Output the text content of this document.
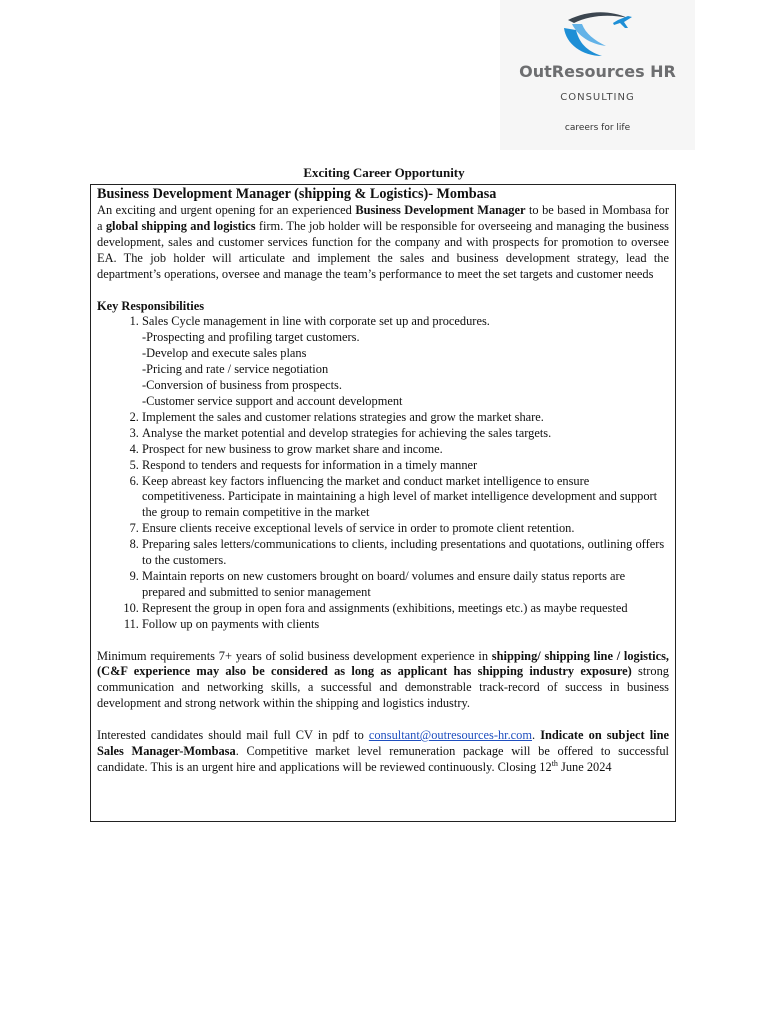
OutResources HR
CONSULTING
careers for life
Exciting Career Opportunity

Business Development Manager (shipping & Logistics)- Mombasa

An exciting and urgent opening for an experienced Business Development Manager to be based in Mombasa for a global shipping and logistics firm. The job holder will be responsible for overseeing and managing the business development, sales and customer services function for the company and with prospects for promotion to oversee EA. The job holder will articulate and implement the sales and business development strategy, lead the department’s operations, oversee and manage the team’s performance to meet the set targets and customer needs

Key Responsibilities

1. Sales Cycle management in line with corporate set up and procedures.
-Prospecting and profiling target customers.
-Develop and execute sales plans
-Pricing and rate / service negotiation
-Conversion of business from prospects.
-Customer service support and account development
2. Implement the sales and customer relations strategies and grow the market share.
3. Analyse the market potential and develop strategies for achieving the sales targets.
4. Prospect for new business to grow market share and income.
5. Respond to tenders and requests for information in a timely manner
6. Keep abreast key factors influencing the market and conduct market intelligence to ensure competitiveness. Participate in maintaining a high level of market intelligence development and support the group to remain competitive in the market
7. Ensure clients receive exceptional levels of service in order to promote client retention.
8. Preparing sales letters/communications to clients, including presentations and quotations, outlining offers to the customers.
9. Maintain reports on new customers brought on board/ volumes and ensure daily status reports are prepared and submitted to senior management
10. Represent the group in open fora and assignments (exhibitions, meetings etc.) as maybe requested
11. Follow up on payments with clients

Minimum requirements 7+ years of solid business development experience in shipping/ shipping line / logistics, (C&F experience may also be considered as long as applicant has shipping industry exposure) strong communication and networking skills, a successful and demonstrable track-record of success in business development and strong network within the shipping and logistics industry.

Interested candidates should mail full CV in pdf to consultant@outresources-hr.com. Indicate on subject line Sales Manager-Mombasa. Competitive market level remuneration package will be offered to successful candidate. This is an urgent hire and applications will be reviewed continuously. Closing 12th June 2024
